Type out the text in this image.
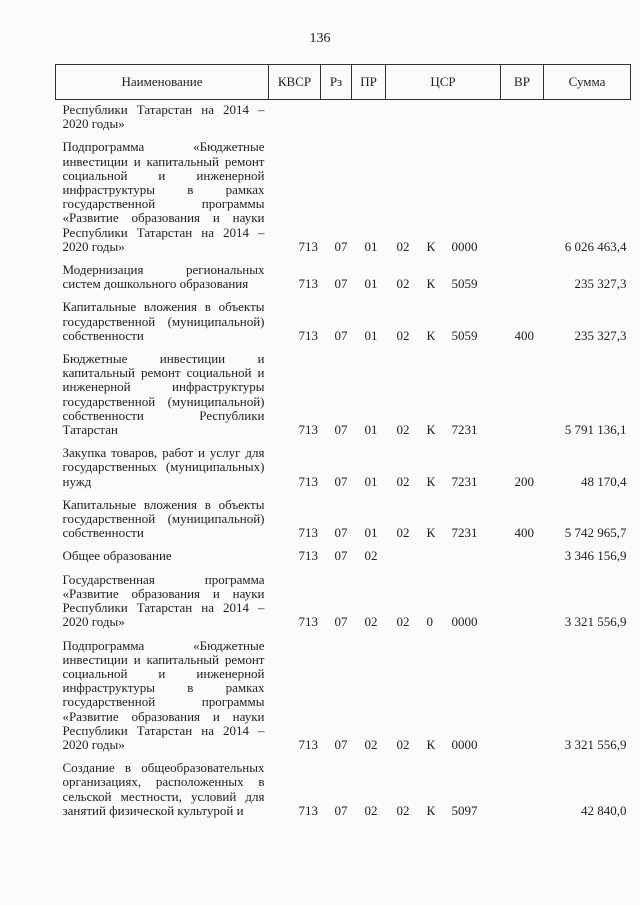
136
Наименование	КВСР	Рз	ПР	ЦСР			ВР	Сумма
Республики Татарстан на 2014 – 2020 годы»								
Подпрограмма «Бюджетные инвестиции и капитальный ремонт социальной и инженерной инфраструктуры в рамках государственной программы «Развитие образования и науки Республики Татарстан на 2014 – 2020 годы»	713	07	01	02	К	0000		6 026 463,4
Модернизация региональных систем дошкольного образования	713	07	01	02	К	5059		235 327,3
Капитальные вложения в объекты государственной (муниципальной) собственности	713	07	01	02	К	5059	400	235 327,3
Бюджетные инвестиции и капитальный ремонт социальной и инженерной инфраструктуры государственной (муниципальной) собственности Республики Татарстан	713	07	01	02	К	7231		5 791 136,1
Закупка товаров, работ и услуг для государственных (муниципальных) нужд	713	07	01	02	К	7231	200	48 170,4
Капитальные вложения в объекты государственной (муниципальной) собственности	713	07	01	02	К	7231	400	5 742 965,7
Общее образование	713	07	02					3 346 156,9
Государственная программа «Развитие образования и науки Республики Татарстан на 2014 – 2020 годы»	713	07	02	02	0	0000		3 321 556,9
Подпрограмма «Бюджетные инвестиции и капитальный ремонт социальной и инженерной инфраструктуры в рамках государственной программы «Развитие образования и науки Республики Татарстан на 2014 – 2020 годы»	713	07	02	02	К	0000		3 321 556,9
Создание в общеобразовательных организациях, расположенных в сельской местности, условий для занятий физической культурой и	713	07	02	02	К	5097		42 840,0
